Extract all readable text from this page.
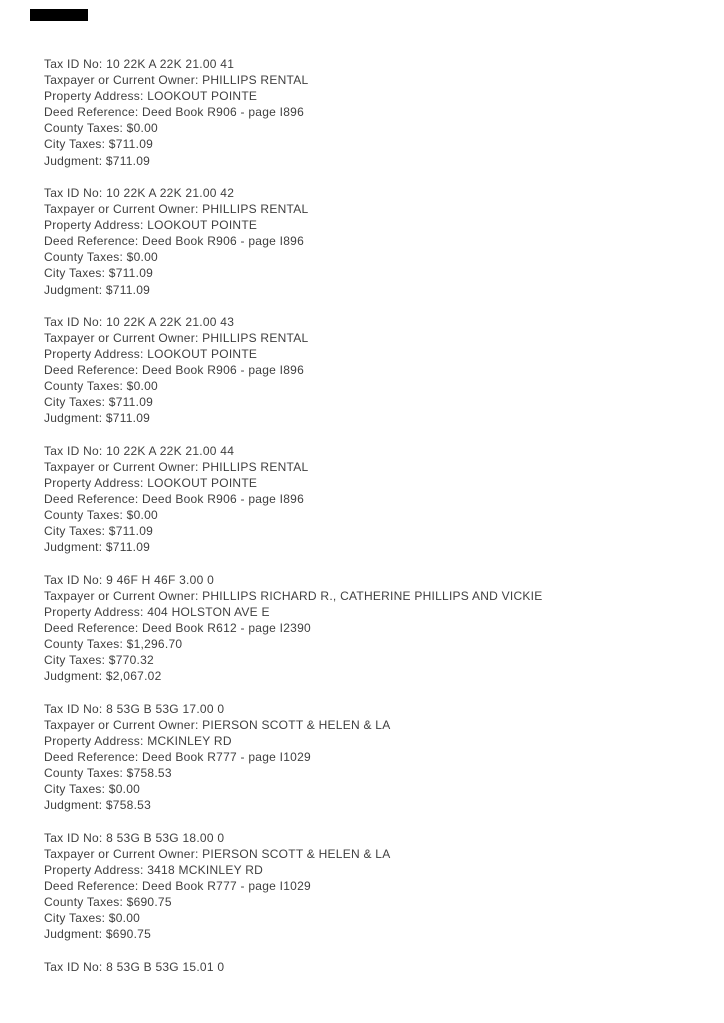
Tax ID No: 10 22K A 22K 21.00 41
Taxpayer or Current Owner: PHILLIPS RENTAL
Property Address: LOOKOUT POINTE
Deed Reference: Deed Book R906 - page I896
County Taxes: $0.00
City Taxes: $711.09
Judgment: $711.09
Tax ID No: 10 22K A 22K 21.00 42
Taxpayer or Current Owner: PHILLIPS RENTAL
Property Address: LOOKOUT POINTE
Deed Reference: Deed Book R906 - page I896
County Taxes: $0.00
City Taxes: $711.09
Judgment: $711.09
Tax ID No: 10 22K A 22K 21.00 43
Taxpayer or Current Owner: PHILLIPS RENTAL
Property Address: LOOKOUT POINTE
Deed Reference: Deed Book R906 - page I896
County Taxes: $0.00
City Taxes: $711.09
Judgment: $711.09
Tax ID No: 10 22K A 22K 21.00 44
Taxpayer or Current Owner: PHILLIPS RENTAL
Property Address: LOOKOUT POINTE
Deed Reference: Deed Book R906 - page I896
County Taxes: $0.00
City Taxes: $711.09
Judgment: $711.09
Tax ID No: 9 46F H 46F 3.00 0
Taxpayer or Current Owner: PHILLIPS RICHARD R., CATHERINE PHILLIPS AND VICKIE
Property Address: 404 HOLSTON AVE E
Deed Reference: Deed Book R612 - page I2390
County Taxes: $1,296.70
City Taxes: $770.32
Judgment: $2,067.02
Tax ID No: 8 53G B 53G 17.00 0
Taxpayer or Current Owner: PIERSON SCOTT & HELEN & LA
Property Address: MCKINLEY RD
Deed Reference: Deed Book R777 - page I1029
County Taxes: $758.53
City Taxes: $0.00
Judgment: $758.53
Tax ID No: 8 53G B 53G 18.00 0
Taxpayer or Current Owner: PIERSON SCOTT & HELEN & LA
Property Address: 3418 MCKINLEY RD
Deed Reference: Deed Book R777 - page I1029
County Taxes: $690.75
City Taxes: $0.00
Judgment: $690.75
Tax ID No: 8 53G B 53G 15.01 0
